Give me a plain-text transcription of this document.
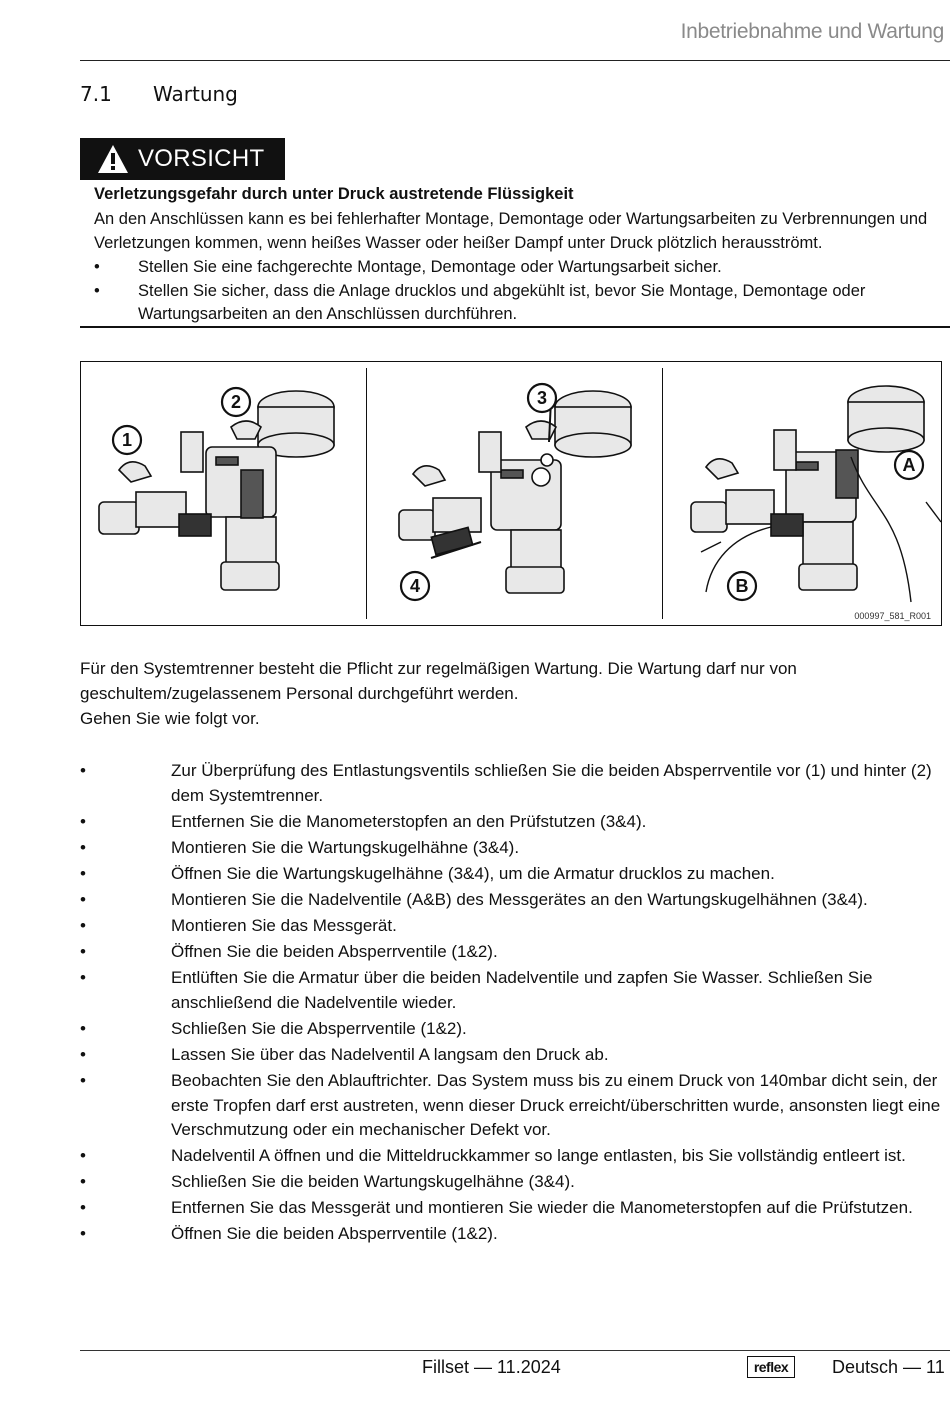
Inbetriebnahme und Wartung
7.1 Wartung
VORSICHT
Verletzungsgefahr durch unter Druck austretende Flüssigkeit
An den Anschlüssen kann es bei fehlerhafter Montage, Demontage oder Wartungsarbeiten zu Verbrennungen und Verletzungen kommen, wenn heißes Wasser oder heißer Dampf unter Druck plötzlich herausströmt.
• Stellen Sie eine fachgerechte Montage, Demontage oder Wartungsarbeit sicher.
• Stellen Sie sicher, dass die Anlage drucklos und abgekühlt ist, bevor Sie Montage, Demontage oder Wartungsarbeiten an den Anschlüssen durchführen.
2
1
3
4
A
B
000997_581_R001
Für den Systemtrenner besteht die Pflicht zur regelmäßigen Wartung. Die Wartung darf nur von geschultem/zugelassenem Personal durchgeführt werden.
Gehen Sie wie folgt vor.
•	Zur Überprüfung des Entlastungsventils schließen Sie die beiden Absperrventile vor (1) und hinter (2) dem Systemtrenner.
•	Entfernen Sie die Manometerstopfen an den Prüfstutzen (3&4).
•	Montieren Sie die Wartungskugelhähne (3&4).
•	Öffnen Sie die Wartungskugelhähne (3&4), um die Armatur drucklos zu machen.
•	Montieren Sie die Nadelventile (A&B) des Messgerätes an den Wartungskugelhähnen (3&4).
•	Montieren Sie das Messgerät.
•	Öffnen Sie die beiden Absperrventile (1&2).
•	Entlüften Sie die Armatur über die beiden Nadelventile und zapfen Sie Wasser. Schließen Sie anschließend die Nadelventile wieder.
•	Schließen Sie die Absperrventile (1&2).
•	Lassen Sie über das Nadelventil A langsam den Druck ab.
•	Beobachten Sie den Ablauftrichter. Das System muss bis zu einem Druck von 140mbar dicht sein, der erste Tropfen darf erst austreten, wenn dieser Druck erreicht/überschritten wurde, ansonsten liegt eine Verschmutzung oder ein mechanischer Defekt vor.
•	Nadelventil A öffnen und die Mitteldruckkammer so lange entlasten, bis Sie vollständig entleert ist.
•	Schließen Sie die beiden Wartungskugelhähne (3&4).
•	Entfernen Sie das Messgerät und montieren Sie wieder die Manometerstopfen auf die Prüfstutzen.
•	Öffnen Sie die beiden Absperrventile (1&2).
Fillset — 11.2024	reflex	Deutsch — 11
